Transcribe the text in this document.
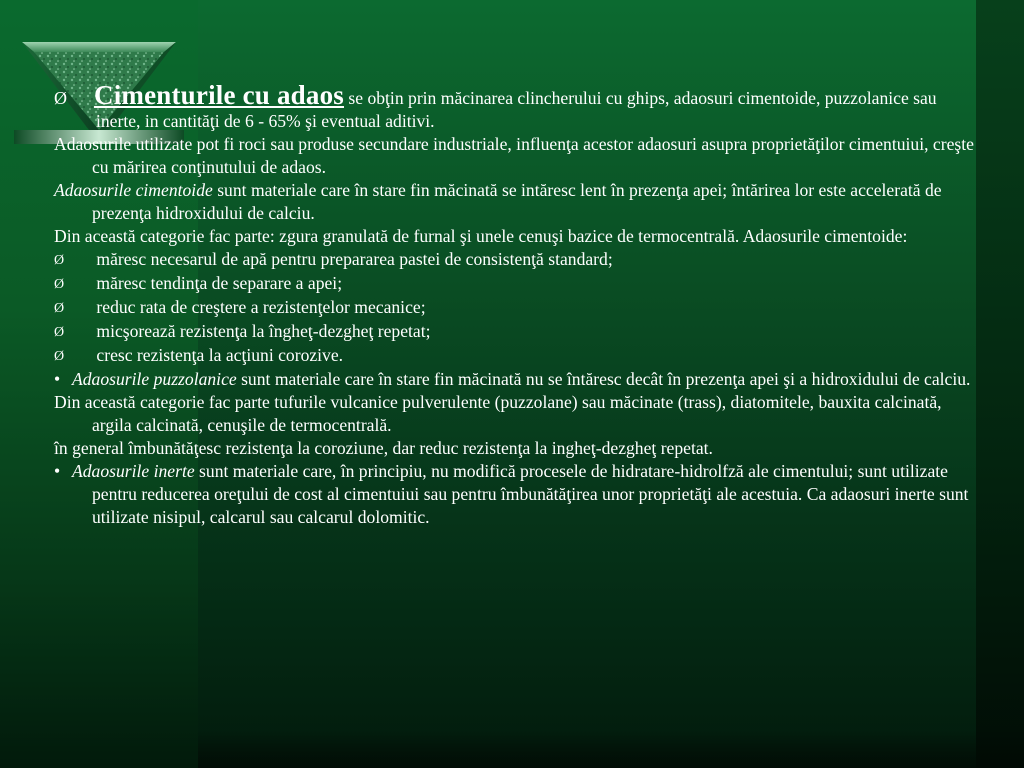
Ø Cimenturile cu adaos se obţin prin măcinarea clincherului cu ghips, adaosuri cimentoide, puzzolanice sau inerte, in cantităţi de 6 - 65% şi eventual aditivi.

Adaosurile utilizate pot fi roci sau produse secundare industriale, influenţa acestor adaosuri asupra proprietăţilor cimentuiui, creşte cu mărirea conţinutului de adaos.

Adaosurile cimentoide sunt materiale care în stare fin măcinată se intăresc lent în prezenţa apei; întărirea lor este accelerată de prezenţa hidroxidului de calciu.

Din această categorie fac parte: zgura granulată de furnal şi unele cenuşi bazice de termocentrală. Adaosurile cimentoide:

Ø măresc necesarul de apă pentru prepararea pastei de consistenţă standard;

Ø măresc tendinţa de separare a apei;

Ø reduc rata de creştere a rezistenţelor mecanice;

Ø micşorează rezistenţa la îngheţ-dezgheţ repetat;

Ø cresc rezistenţa la acţiuni corozive.

• Adaosurile puzzolanice sunt materiale care în stare fin măcinată nu se întăresc decât în prezenţa apei şi a hidroxidului de calciu.

Din această categorie fac parte tufurile vulcanice pulverulente (puzzolane) sau măcinate (trass), diatomitele, bauxita calcinată, argila calcinată, cenuşile de termocentrală.

în general îmbunătăţesc rezistenţa la coroziune, dar reduc rezistenţa la ingheţ-dezgheţ repetat.

• Adaosurile inerte sunt materiale care, în principiu, nu modifică procesele de hidratare-hidrolfză ale cimentului; sunt utilizate pentru reducerea oreţului de cost al cimentuiui sau pentru îmbunătăţirea unor proprietăţi ale acestuia. Ca adaosuri inerte sunt utilizate nisipul, calcarul sau calcarul dolomitic.
